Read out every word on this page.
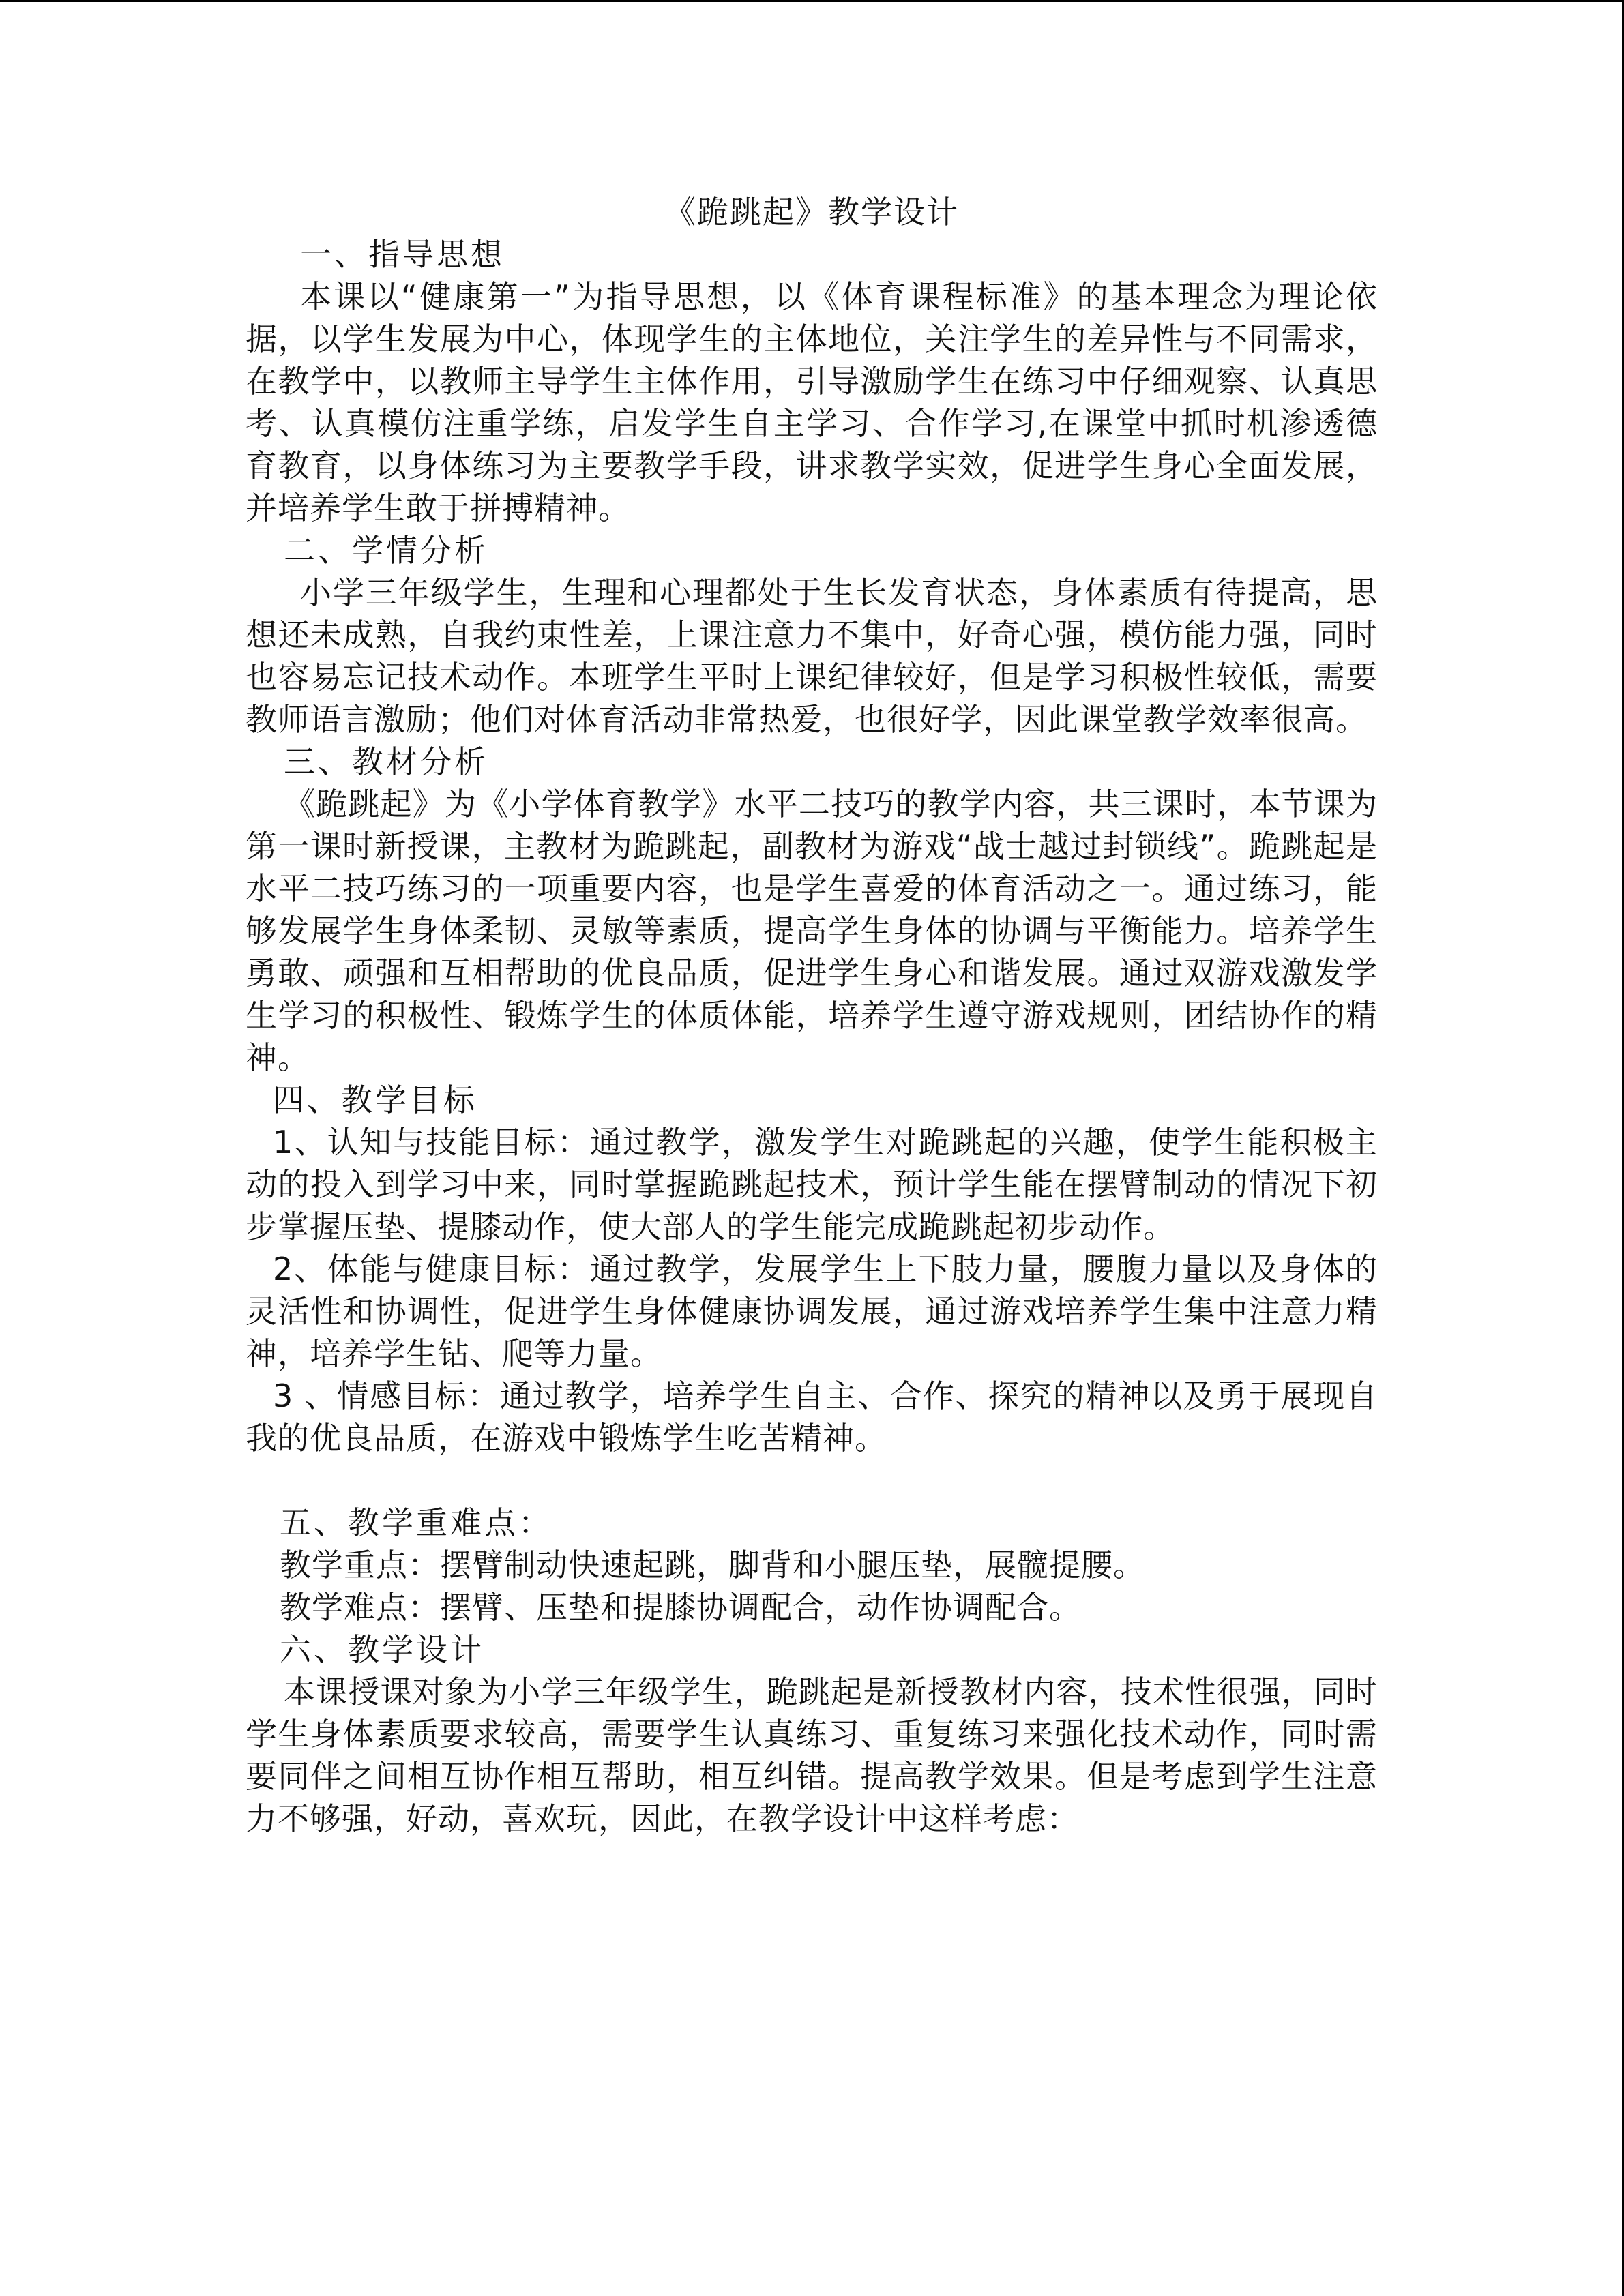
《跪跳起》教学设计
一、指导思想

本课以“健康第一”为指导思想，以《体育课程标准》的基本理念为理论依据，以学生发展为中心，体现学生的主体地位，关注学生的差异性与不同需求，在教学中，以教师主导学生主体作用，引导激励学生在练习中仔细观察、认真思考、认真模仿注重学练，启发学生自主学习、合作学习,在课堂中抓时机渗透德育教育，以身体练习为主要教学手段，讲求教学实效，促进学生身心全面发展，并培养学生敢于拼搏精神。

二、学情分析

小学三年级学生，生理和心理都处于生长发育状态，身体素质有待提高，思想还未成熟，自我约束性差，上课注意力不集中，好奇心强，模仿能力强，同时也容易忘记技术动作。本班学生平时上课纪律较好，但是学习积极性较低，需要教师语言激励；他们对体育活动非常热爱，也很好学，因此课堂教学效率很高。

三、教材分析

《跪跳起》为《小学体育教学》水平二技巧的教学内容，共三课时，本节课为第一课时新授课，主教材为跪跳起，副教材为游戏“战士越过封锁线”。跪跳起是水平二技巧练习的一项重要内容，也是学生喜爱的体育活动之一。通过练习，能够发展学生身体柔韧、灵敏等素质，提高学生身体的协调与平衡能力。培养学生勇敢、顽强和互相帮助的优良品质，促进学生身心和谐发展。通过双游戏激发学生学习的积极性、锻炼学生的体质体能，培养学生遵守游戏规则，团结协作的精神。

四、教学目标

1、认知与技能目标：通过教学，激发学生对跪跳起的兴趣，使学生能积极主动的投入到学习中来，同时掌握跪跳起技术，预计学生能在摆臂制动的情况下初步掌握压垫、提膝动作，使大部人的学生能完成跪跳起初步动作。

2、体能与健康目标：通过教学，发展学生上下肢力量，腰腹力量以及身体的灵活性和协调性，促进学生身体健康协调发展，通过游戏培养学生集中注意力精神，培养学生钻、爬等力量。

3 、情感目标：通过教学，培养学生自主、合作、探究的精神以及勇于展现自我的优良品质，在游戏中锻炼学生吃苦精神。

五、教学重难点：

教学重点：摆臂制动快速起跳，脚背和小腿压垫，展髋提腰。

教学难点：摆臂、压垫和提膝协调配合，动作协调配合。

六、教学设计

本课授课对象为小学三年级学生，跪跳起是新授教材内容，技术性很强，同时学生身体素质要求较高，需要学生认真练习、重复练习来强化技术动作，同时需要同伴之间相互协作相互帮助，相互纠错。提高教学效果。但是考虑到学生注意力不够强，好动，喜欢玩，因此，在教学设计中这样考虑：
